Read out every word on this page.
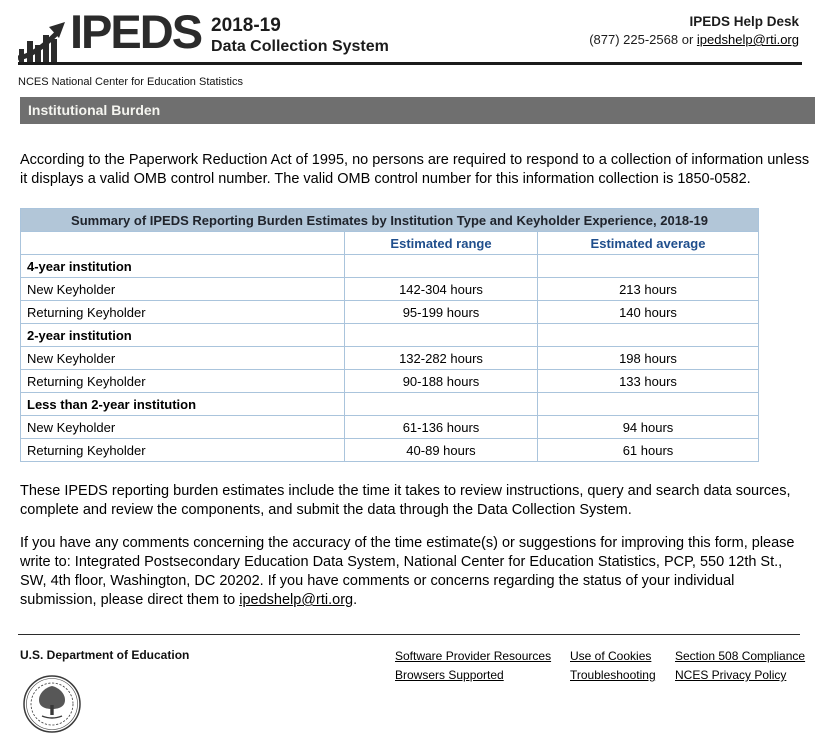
IPEDS 2018-19
Data Collection System
IPEDS Help Desk
(877) 225-2568 or ipedshelp@rti.org
NCES National Center for Education Statistics
Institutional Burden
According to the Paperwork Reduction Act of 1995, no persons are required to respond to a collection of information unless it displays a valid OMB control number. The valid OMB control number for this information collection is 1850-0582.
Summary of IPEDS Reporting Burden Estimates by Institution Type and Keyholder Experience, 2018-19		
	Estimated range	Estimated average
4-year institution		
New Keyholder	142-304 hours	213 hours
Returning Keyholder	95-199 hours	140 hours
2-year institution		
New Keyholder	132-282 hours	198 hours
Returning Keyholder	90-188 hours	133 hours
Less than 2-year institution		
New Keyholder	61-136 hours	94 hours
Returning Keyholder	40-89 hours	61 hours
These IPEDS reporting burden estimates include the time it takes to review instructions, query and search data sources, complete and review the components, and submit the data through the Data Collection System.
If you have any comments concerning the accuracy of the time estimate(s) or suggestions for improving this form, please write to: Integrated Postsecondary Education Data System, National Center for Education Statistics, PCP, 550 12th St., SW, 4th floor, Washington, DC 20202. If you have comments or concerns regarding the status of your individual submission, please direct them to ipedshelp@rti.org.
U.S. Department of Education	Software Provider Resources
Browsers Supported
Use of Cookies
Troubleshooting
Section 508 Compliance
NCES Privacy Policy
